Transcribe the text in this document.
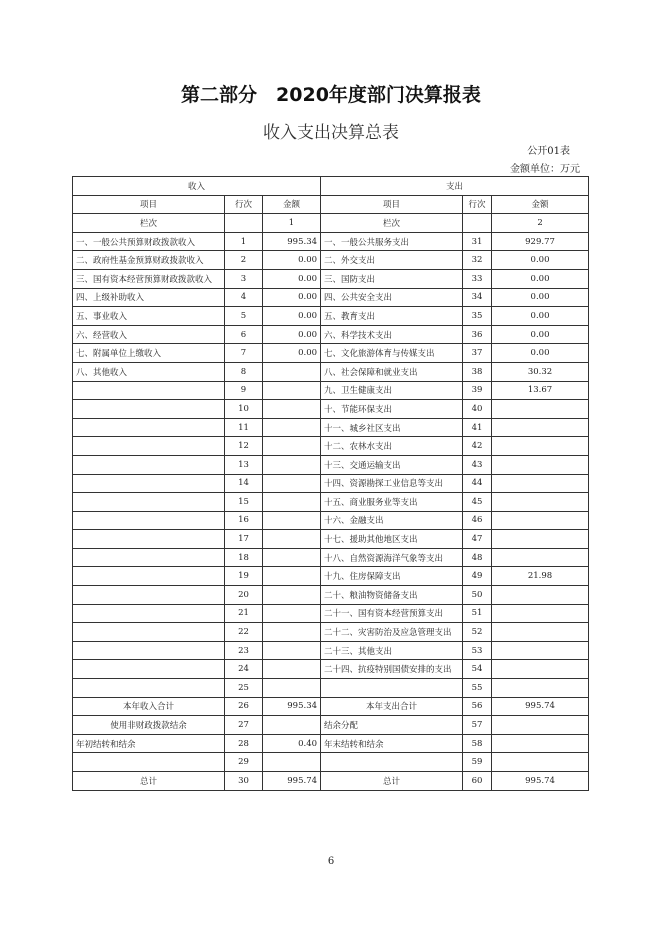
第二部分　2020年度部门决算报表
收入支出决算总表
公开01表
金额单位：万元
收入			支出		
项目	行次	金额	项目	行次	金额
栏次		1	栏次		2
一、一般公共预算财政拨款收入	1	995.34	一、一般公共服务支出	31	929.77
二、政府性基金预算财政拨款收入	2	0.00	二、外交支出	32	0.00
三、国有资本经营预算财政拨款收入	3	0.00	三、国防支出	33	0.00
四、上级补助收入	4	0.00	四、公共安全支出	34	0.00
五、事业收入	5	0.00	五、教育支出	35	0.00
六、经营收入	6	0.00	六、科学技术支出	36	0.00
七、附属单位上缴收入	7	0.00	七、文化旅游体育与传媒支出	37	0.00
八、其他收入	8		八、社会保障和就业支出	38	30.32
	9		九、卫生健康支出	39	13.67
	10		十、节能环保支出	40	
	11		十一、城乡社区支出	41	
	12		十二、农林水支出	42	
	13		十三、交通运输支出	43	
	14		十四、资源勘探工业信息等支出	44	
	15		十五、商业服务业等支出	45	
	16		十六、金融支出	46	
	17		十七、援助其他地区支出	47	
	18		十八、自然资源海洋气象等支出	48	
	19		十九、住房保障支出	49	21.98
	20		二十、粮油物资储备支出	50	
	21		二十一、国有资本经营预算支出	51	
	22		二十二、灾害防治及应急管理支出	52	
	23		二十三、其他支出	53	
	24		二十四、抗疫特别国债安排的支出	54	
	25			55	
本年收入合计	26	995.34	本年支出合计	56	995.74
使用非财政拨款结余	27		结余分配	57	
年初结转和结余	28	0.40	年末结转和结余	58	
	29			59	
总计	30	995.74	总计	60	995.74
6
